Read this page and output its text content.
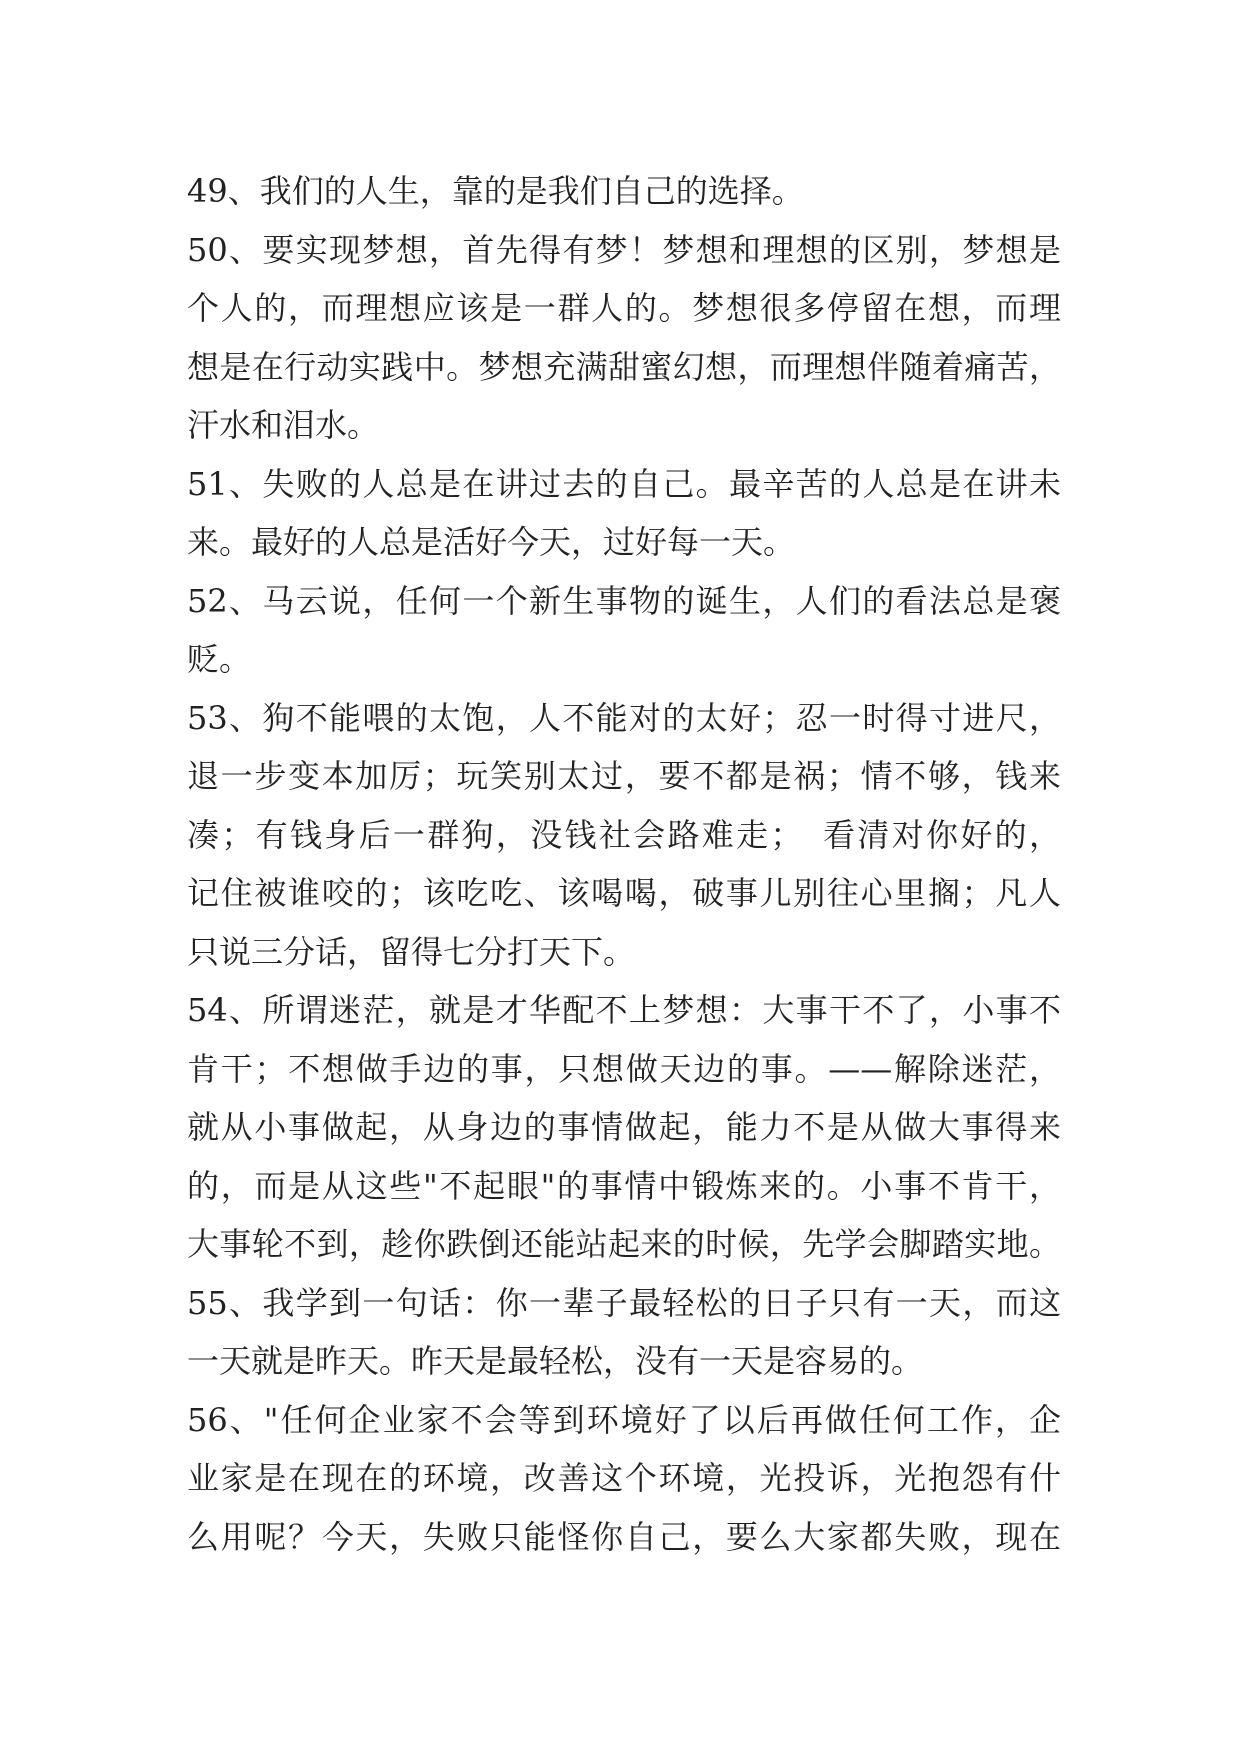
49、我们的人生，靠的是我们自己的选择。
50、要实现梦想，首先得有梦！梦想和理想的区别，梦想是
个人的，而理想应该是一群人的。梦想很多停留在想，而理
想是在行动实践中。梦想充满甜蜜幻想，而理想伴随着痛苦，
汗水和泪水。
51、失败的人总是在讲过去的自己。最辛苦的人总是在讲未
来。最好的人总是活好今天，过好每一天。
52、马云说，任何一个新生事物的诞生，人们的看法总是褒
贬。
53、狗不能喂的太饱，人不能对的太好；忍一时得寸进尺，
退一步变本加厉；玩笑别太过，要不都是祸；情不够，钱来
凑；有钱身后一群狗，没钱社会路难走；　看清对你好的，
记住被谁咬的；该吃吃、该喝喝，破事儿别往心里搁；凡人
只说三分话，留得七分打天下。
54、所谓迷茫，就是才华配不上梦想：大事干不了，小事不
肯干；不想做手边的事，只想做天边的事。——解除迷茫，
就从小事做起，从身边的事情做起，能力不是从做大事得来
的，而是从这些"不起眼"的事情中锻炼来的。小事不肯干，
大事轮不到，趁你跌倒还能站起来的时候，先学会脚踏实地。
55、我学到一句话：你一辈子最轻松的日子只有一天，而这
一天就是昨天。昨天是最轻松，没有一天是容易的。
56、"任何企业家不会等到环境好了以后再做任何工作，企
业家是在现在的环境，改善这个环境，光投诉，光抱怨有什
么用呢？今天，失败只能怪你自己，要么大家都失败，现在
